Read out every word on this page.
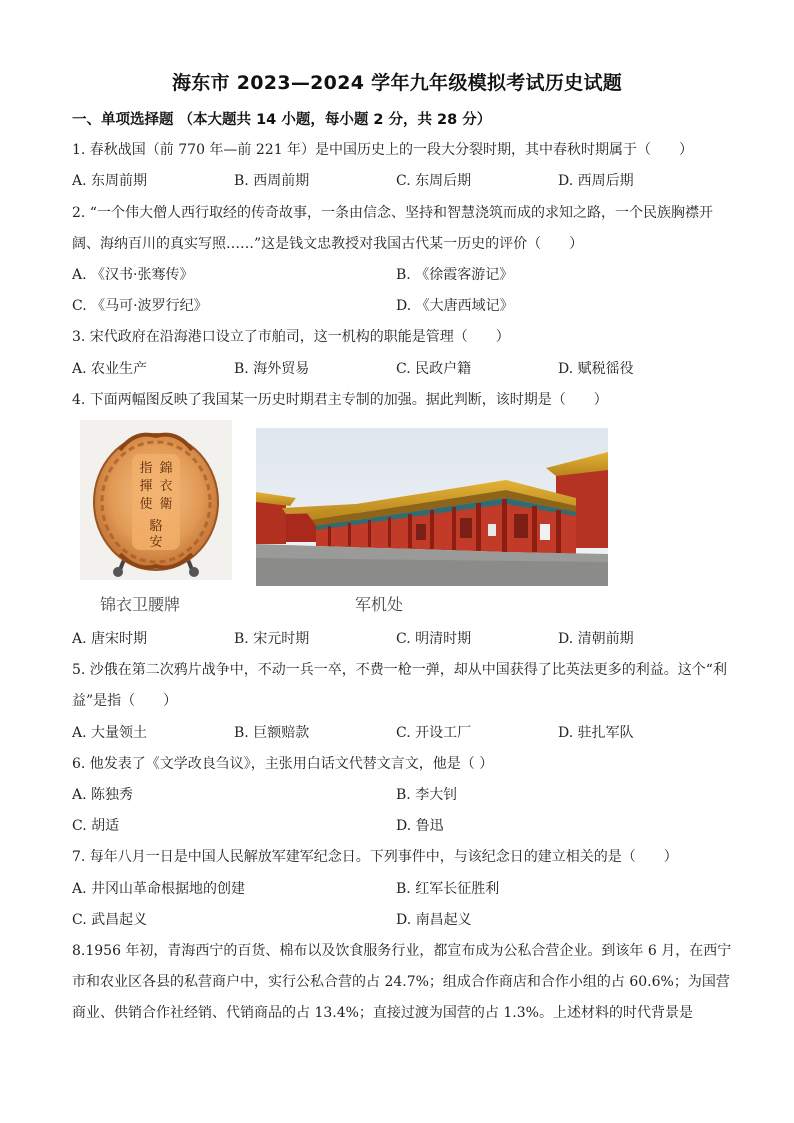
海东市 2023—2024 学年九年级模拟考试历史试题
一、单项选择题 （本大题共 14 小题，每小题 2 分，共 28 分）
1. 春秋战国（前 770 年—前 221 年）是中国历史上的一段大分裂时期，其中春秋时期属于（　　）
A. 东周前期	B. 西周前期	C. 东周后期	D. 西周后期
2. “一个伟大僧人西行取经的传奇故事，一条由信念、坚持和智慧浇筑而成的求知之路，一个民族胸襟开
阔、海纳百川的真实写照……”这是钱文忠教授对我国古代某一历史的评价（　　）
A. 《汉书·张骞传》	B. 《徐霞客游记》
C. 《马可·波罗行纪》	D. 《大唐西域记》
3. 宋代政府在沿海港口设立了市舶司，这一机构的职能是管理（　　）
A. 农业生产	B. 海外贸易	C. 民政户籍	D. 赋税徭役
4. 下面两幅图反映了我国某一历史时期君主专制的加强。据此判断，该时期是（　　）
錦
衣
衛
指
揮
使
駱
安
锦衣卫腰牌	军机处
A. 唐宋时期	B. 宋元时期	C. 明清时期	D. 清朝前期
5. 沙俄在第二次鸦片战争中，不动一兵一卒，不费一枪一弹，却从中国获得了比英法更多的利益。这个“利
益”是指（　　）
A. 大量领土	B. 巨额赔款	C. 开设工厂	D. 驻扎军队
6. 他发表了《文学改良刍议》，主张用白话文代替文言文，他是（ ）
A. 陈独秀	B. 李大钊
C. 胡适	D. 鲁迅
7. 每年八月一日是中国人民解放军建军纪念日。下列事件中，与该纪念日的建立相关的是（　　）
A. 井冈山革命根据地的创建	B. 红军长征胜利
C. 武昌起义	D. 南昌起义
8.1956 年初，青海西宁的百货、棉布以及饮食服务行业，都宣布成为公私合营企业。到该年 6 月，在西宁
市和农业区各县的私营商户中，实行公私合营的占 24.7%；组成合作商店和合作小组的占 60.6%；为国营
商业、供销合作社经销、代销商品的占 13.4%；直接过渡为国营的占 1.3%。上述材料的时代背景是
